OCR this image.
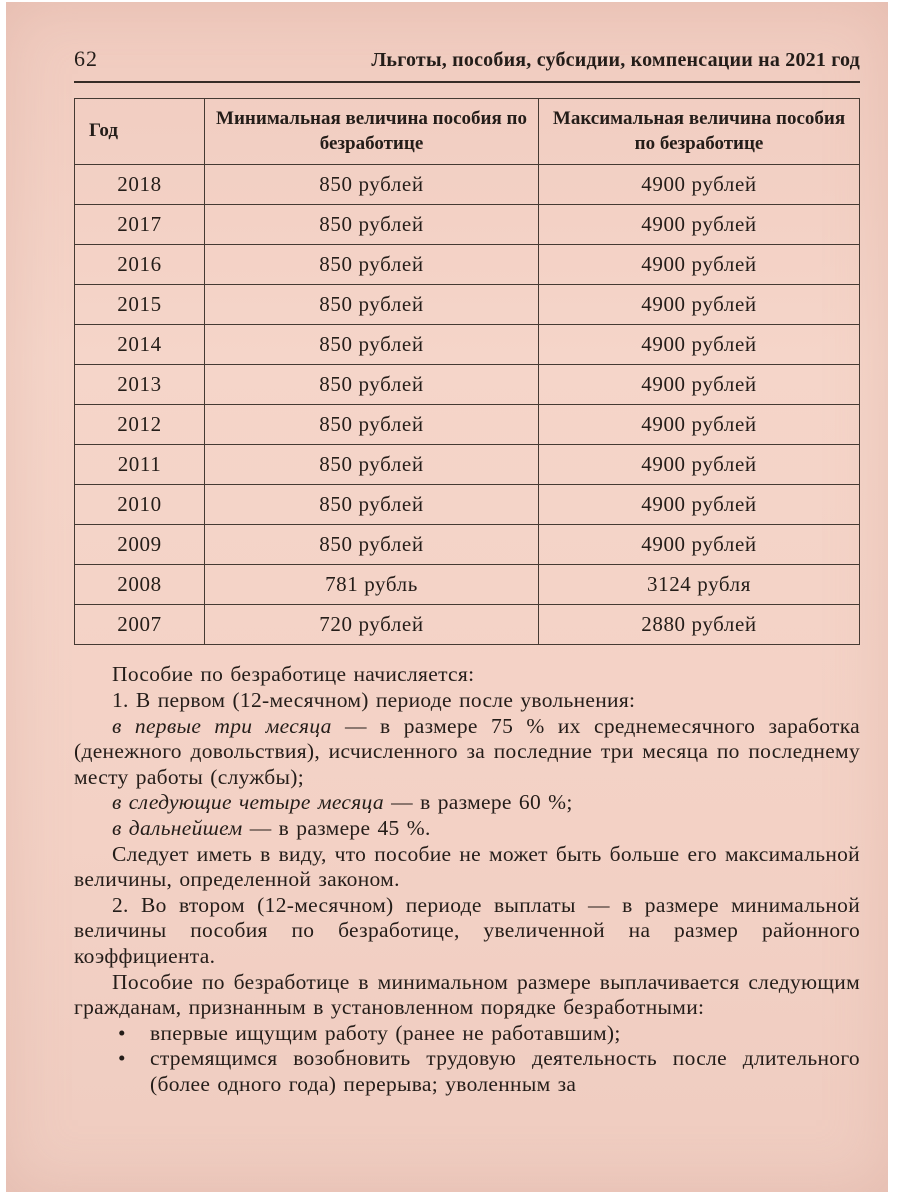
62	Льготы, пособия, субсидии, компенсации на 2021 год
Год	Минимальная величина пособия по безработице	Максимальная величина пособия по безработице
2018	850 рублей	4900 рублей
2017	850 рублей	4900 рублей
2016	850 рублей	4900 рублей
2015	850 рублей	4900 рублей
2014	850 рублей	4900 рублей
2013	850 рублей	4900 рублей
2012	850 рублей	4900 рублей
2011	850 рублей	4900 рублей
2010	850 рублей	4900 рублей
2009	850 рублей	4900 рублей
2008	781 рубль	3124 рубля
2007	720 рублей	2880 рублей

Пособие по безработице начисляется:

1. В первом (12-месячном) периоде после увольнения:

в первые три месяца — в размере 75 % их среднемесячного заработка (денежного довольствия), исчисленного за последние три месяца по последнему месту работы (службы);

в следующие четыре месяца — в размере 60 %;

в дальнейшем — в размере 45 %.

Следует иметь в виду, что пособие не может быть больше его максимальной величины, определенной законом.

2. Во втором (12-месячном) периоде выплаты — в размере минимальной величины пособия по безработице, увеличенной на размер районного коэффициента.

Пособие по безработице в минимальном размере выплачивается следующим гражданам, признанным в установленном порядке безработными:

• впервые ищущим работу (ранее не работавшим);
• стремящимся возобновить трудовую деятельность после длительного (более одного года) перерыва; уволенным за
